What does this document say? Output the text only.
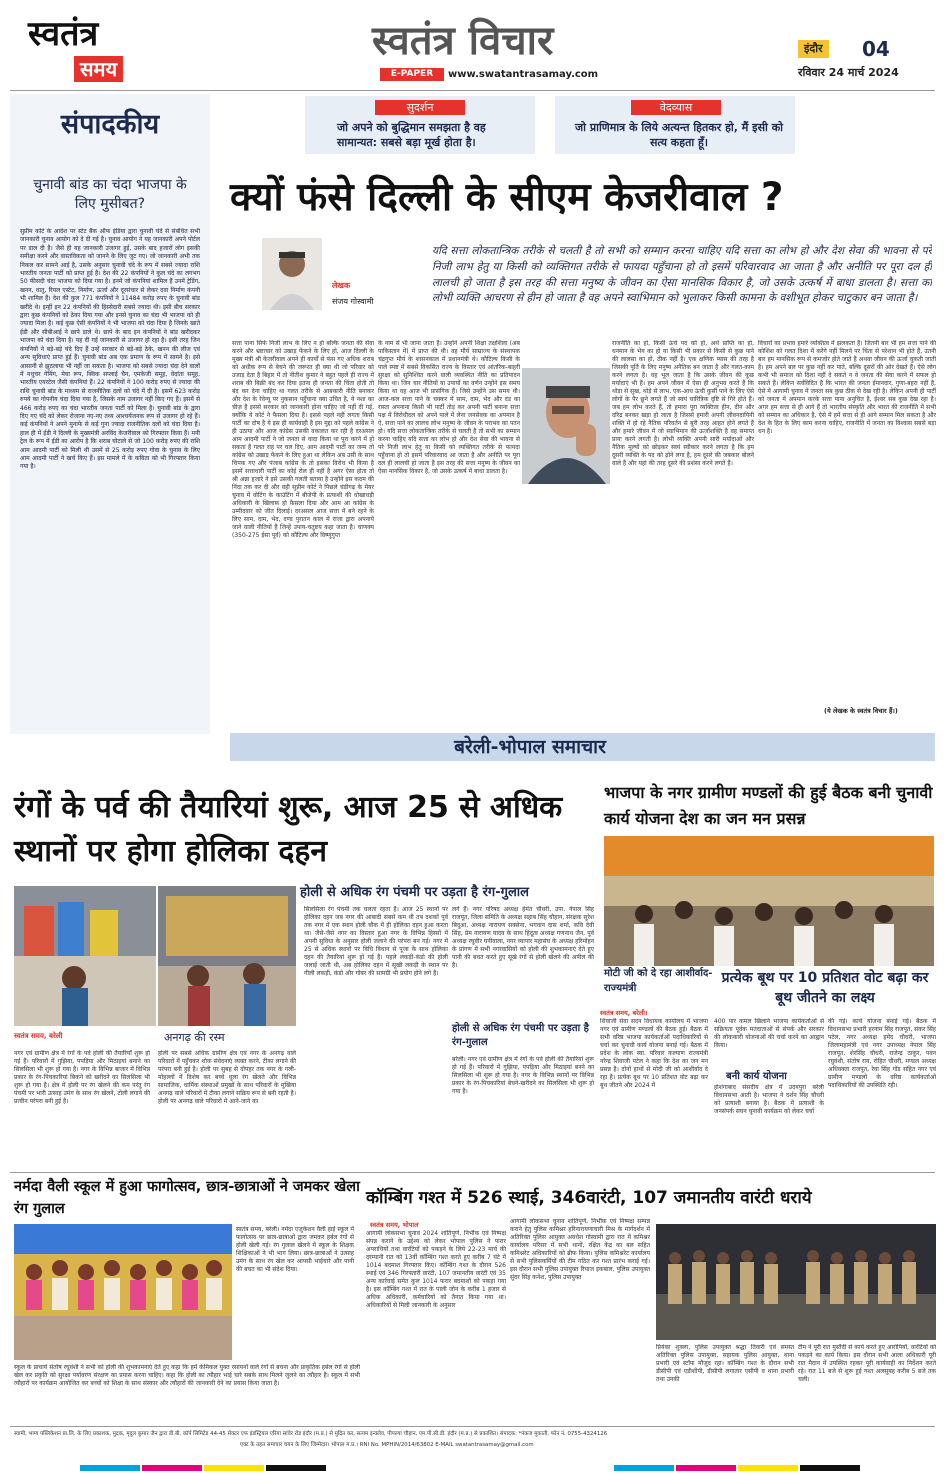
स्वतंत्र
समय
स्वतंत्र विचार
E-PAPER	www.swatantrasamay.com
इंदौर	04
रविवार 24 मार्च 2024
संपादकीय
चुनावी बांड का चंदा भाजपा के लिए मुसीबत?
सुप्रीम कोर्ट के आदेश पर स्टेट बैंक ऑफ इंडिया द्वारा चुनावी चंदे से संबंधित सभी जानकारी चुनाव आयोग को दे दी गई है। चुनाव आयोग ने यह जानकारी अपने पोर्टल पर डाल दी है। जैसे ही यह जानकारी उजागर हुई, उसके बाद हजारों लोग इसकी समीक्षा करने और वास्तविकता को जानने के लिए जुट गए। जो जानकारी अभी तक निकल कर सामने आई है, उसके अनुसार चुनावी चंदे के रूप में सबसे ज्यादा राशि भारतीय जनता पार्टी को प्राप्त हुई है। देश की 22 कंपनियों ने कुल चंदे का लगभग 50 फीसदी चंदा भाजपा को दिया गया है। इनमें जो कंपनियां शामिल हैं उनमें ट्रेडिंग, खनन, धातु, रियल एस्टेट, निर्माण, ऊर्जा और दूरसंचार से लेकर दवा निर्माण कंपनी भी शामिल हैं। देश की कुल 771 कंपनियों ने 11484 करोड़ रुपए के चुनावी बांड खरीदे थे। इन्हीं इन 22 कंपनियों की हिस्सेदारी सबसे ज्यादा थी। इसी बीच सरकार द्वारा कुछ कंपनियों को ठेका दिया गया और इनसे चुनाव का चंदा भी भाजपा को ही ज्यादा मिला है। कई कुछ ऐसी कंपनियों ने भी भाजपा को चंदा दिया है जिनके खाते ईडी और सीबीआई ने छापे डाले थे। छापे के बाद इन कंपनियों ने बांड खरीदकर भाजपा को चंदा दिया है। यह दी गई जानकारी से उजागर हो रहा है। इसी तरह जिन कंपनियों ने बड़े-बड़े चंदे दिए हैं उन्हें सरकार से बड़े-बड़े ठेके, खनन की लीज एवं अन्य सुविधाएं प्राप्त हुई हैं। चुनावी बांड अब एक प्रमाण के रूप में सामने है। इसे आसानी से झुठलाया भी नहीं जा सकता है। भाजपा को सबसे ज्यादा चंदा देने वालों में मधुचर गेमिंग, मेघा रूप, क्विक सप्लाई चैन, एमकेजी समूह, वेदांता समूह, भारतीय एयरटेल जैसी कंपनियां हैं। 22 कंपनियों ने 100 करोड़ रुपए से ज्यादा की राशि चुनावी बांड के माध्यम से राजनीतिक दलों को चंदे में दी है। इसमें 623 करोड़ रुपये का गोपनीय चंदा दिया गया है, जिसके नाम उजागर नहीं किए गए हैं। इसमें से 466 करोड़ रुपए का चंदा भारतीय जनता पार्टी को मिला है। चुनावी बांड के द्वारा दिए गए चंदे को लेकर रोजाना नए-नए तथ्य आश्चर्यजनक रूप से उजागर हो रहे हैं। कई कंपनियों ने अपने मुनाफे से कई गुना ज्यादा राजनीतिक दलों को चंदा दिया है। हाल ही में ईडी ने दिल्ली के मुख्यमंत्री अरविंद केजरीवाल को गिरफ्तार किया है। मनी ट्रेल के रूप में ईडी का आरोप है कि शराब घोटाले से जो 100 करोड़ रुपए की राशि आम आदमी पार्टी को मिली थी उसमें से 25 करोड़ रुपए गोवा के चुनाव के लिए आम आदमी पार्टी ने खर्च किए हैं। इस मामले में के कविता को भी गिरफ्तार किया गया है।
सुदर्शन
जो अपने को बुद्धिमान समझता है वह सामान्यत: सबसे बड़ा मूर्ख होता है।
वेदव्यास
जो प्राणिमात्र के लिये अत्यन्त हितकर हो, मैं इसी को सत्य कहता हूँ।
क्यों फंसे दिल्ली के सीएम केजरीवाल ?
लेखक
संजय गोस्वामी
यदि सत्ता लोकतान्त्रिक तरीके से चलती है तो सभी को सम्मान करना चाहिए यदि सत्ता का लोभ हो और देश सेवा की भावना से परे निजी लाभ हेतु या किसी को व्यक्तिगत तरीके से फायदा पहुँचाना हो तो इसमें परिवारवाद आ जाता है और अनीति पर पूरा दल ही लालची हो जाता है इस तरह की सत्ता मनुष्य के जीवन का ऐसा मानसिक विकार है, जो उसके उत्कर्ष में बाधा डालता है। सत्ता का लोभी व्यक्ति आचरण से हीन हो जाता है वह अपने स्वाभिमान को भुलाकर किसी कामना के वशीभूत होकर चाटुकार बन जाता है।
सत्ता पाना सिर्फ निजी लाभ के लिए न हो बल्कि जनता की सेवा करने और भ्रष्टाचार को उखाड़ फेंकने के लिए हो, आज दिल्ली के मुख्य मंत्री श्री केजरीवाल अपने ही कार्यों से फंस गए अधिक शराब को अधीक रूप से बेचने की जरूरत ही क्या थी जो परिवार को उजाड़ देता है बिहार में तो नीतीश कुमार ने बहुत पहले ही राज्य में शराब की बिक्री बंद कर दिया इतना ही जनता की चिंता होती तो बंद कर देना चाहिए था गलत तरीके से आबकारी नीति बनाकर और देश के रेवेन्यू पर नुकसान पहुँचाना क्या उचित है, ये नशा का चीज़ है इससे सरकार को जानकारी होना चाहिए जो नहीं दी गई, क्योंकि ये कोर्ट ने फैसला दिया है। इससे पहले नहीं लगता किसी पार्टी का दोष है ये इस ही कार्यवाही है इस मुद्दा को पहले कांग्रेस ने ही उठाया और आज कांग्रेस उसकी वकालत कर रही है दरअसल आम आदमी पार्टी ने जो जनता से वादा किया था पूरा करने में हो सकता है गलत राह पर चल दिए, आम आदमी पार्टी का जन्म तो कांग्रेस को उखाड़ फेंकने के लिए हुआ था लेकिन अब उसी के साथ चिपक गए और पंजाब कांग्रेस के तो इसका विरोध भी किया है इसमें सत्ताधारी पार्टी का कोई रोल ही नहीं है अगर ऐसा होता तो श्री अन्ना हजारे ने इसे उसकी गलती बताया है उन्होंने इस कदम की निंदा तक कर दी और वही सुप्रीम कोर्ट ने पिछले चंडीगढ़ के मेयर चुनाव में वोटिंग के काउंटिंग में बीजेपी के प्रत्याशी की धोखाधड़ी अधिकारी के खिलाफ़ हो फ़ैसला दिया और आम आ कांग्रेस के उम्मीदवार को जीत दिलाई। दरअसल आज सत्ता में बने रहने के लिए साम, दाम, भेद, दण्ड पुरातन काल में राजा द्वारा अपनाये जाने वाली नीतियों हैं जिन्हें उपाय-चतुष्टय कहा जाता है। चाणक्य (350-275 ईसा पूर्व) को कौटिल्य और विष्णुगुप्त
के नाम से भी जाना जाता है। उन्होंने अपनी शिक्षा तक्षशिला (अब पाकिस्तान में) में प्राप्त की थी। वह मौर्य साम्राज्य के संस्थापक चंद्रगुप्त मौर्य के शासनकाल में प्रधानमंत्री थे। कौटिल्य किसी के पाले स्पष्ट में सबसे विकसित राज्य के विस्तार एवं आंतरिक-बाहरी सुरक्षा को सुनिश्चित करने वाली व्यवस्थित नीति का प्रतिपादन किया था। जिन चार नीतियों या उपायों का वर्णन उन्होंने इस समय किया था वह आज भी प्रासंगिक हैं। जिसे उन्होंने उस समय थी। आज-कल सत्ता पाने के चक्कर में साम, दाम, भेद और दंड का रास्ता अपनाना किसी भी पार्टी तोड़ कर अपनी पार्टी बनाना सत्ता पक्ष में विरोधीदल को अपने पाले में लेना जनसेवक का अपमान है ऐ, सत्ता पाने का लालच लोभ मनुष्य के जीवन के पराभव का पतन हो। यदि सत्ता लोकतान्त्रिक तरीके से चलती है तो सभी का सम्मान करना चाहिए यदि सत्ता का लोभ हो और देश सेवा की भावना से परे निजी लाभ हेतु या किसी को व्यक्तिगत तरीके से फायदा पहुँचाना हो तो इसमें परिवारवाद आ जाता है और अनीति पर पूरा दल ही लालची हो जाता है इस तरह की सत्ता मनुष्य के जीवन का ऐसा मानसिक विकार है, जो उसके उत्कर्ष में बाधा डालता है।
राजनीति का हो, किसी ऊंचे पद को हो, अर्थ प्राप्ति का हो, धनमान के भेय का हो या किसी भी प्रकार से किसी से कुछ पाने की लालसा का हो, ठीक नहीं है। एक क्षणिक प्यास की तरह है जिसकी पूर्ति के लिए मनुष्य अनैतिक बन जाता है और गलत-काम करने लगता है। वह भूल जाता है कि उसके जीवन की कुछ मर्यादाएं भी हैं। हम अपने जीवन में ऐसा ही अनुभव करते हैं कि थोड़ा से सुख, थोड़े से लाभ, एक-आध ऊंची कुर्सी पाने के लिए ऐसे लोगों के पैर छूने लगते हैं जो स्वयं चारित्रिक दृष्टि से गिरे होते हैं। जब हम लोभ करते हैं, तो हमारा पूरा व्यक्तित्व हीन, दीन और दरिद्र बनकर खड़ा हो जाता है जिससे हमारी अपनी जीवनदायिनी शक्ति में हो रहे नैतिक परिवर्तन से बुरी तरह आहत होने लगते हैं और हमारे जीवन में जो स्वाभिमान की ऊर्जाशक्ति है वह समाप्त प्रायः करने लगती है। लोभी व्यक्ति अपनी सारी मर्यादाओं और नैतिक मूल्यों को छोड़कर स्वयं स्वीकार करने लगता है कि हम दूसरी व्यक्ति के पद को ढ़ोने लगा है, हम दूसरे की जबकार बोलने वाले हैं और यहां की तरह दूसरे की प्रशंसा करने लगते हैं।
विचारों का प्रभाव हमारे व्यक्तित्व में झलकता है। जितनी बार भी हम सत्ता पाने की कोशिश को गलत दिशा में करेंगे नहीं मिलने पर चिंता से परेशान भी होते हैं, उतनी बार हम मानसिक रूप से कमजोर होते जाते हैं अथवा जीवन की ऊर्जा चुकती जाती है। हम अपने बल पर कुछ नहीं कर पाते, बल्कि दूसरों की ओर देखते हैं। ऐसे लोग कभी भी समाज को दिशा नहीं दे सकते न वे जनता की सेवा करने में सफल हो सकते हैं। लेकिन सर्वविदित है कि भारत की जनता ईमानदार, गुणा-बहरा नहीं है, ऐसे में आगामी चुनाव में जनता सब कुछ ठीक से देख रही है। लेकिन अपनी ही पार्टी को जनता में अपमान करके सत्ता पाना अनुचित है, ईश्वर सब कुछ देख रहा है। अगर हम सत्ता से ही आगे हैं तो भारतीय संस्कृति और भारत की राजनीति में सभी को सम्मान का अधिकार है, ऐसे में हमें सत्ता से ही आगे सम्मान मिल सकता है और देश के हित के लिए काम करना चाहिए, राजनीति में जनता का विश्वास सबसे बड़ा धन है।
(ये लेखक के स्वतंत्र विचार हैं।)
बरेली-भोपाल समाचार
रंगों के पर्व की तैयारियां शुरू, आज 25 से अधिक स्थानों पर होगा होलिका दहन
होली से अधिक रंग पंचमी पर उड़ता है रंग-गुलाल
स्वतंत्र समय, बरेली	अनगढ़ की रस्म
नगर एवं ग्रामीण क्षेत्र में रंगों के पर्व होली की तैयारियाँ शुरू हो गई हैं। परिवारों में गुझिया, पपड़िया और मिठाइयां बनाने का सिलसिला भी शुरू हो गया है। नगर के विभिन्न बाजार में विभिन्न प्रकार के रंग-पिचकारियां बिकने को खरीदने का सिलसिला भी शुरू हो गया है। क्षेत्र में होली पर रंग खेलने की कम परंतु रंग पंचमी पर भारी उत्साह उमंग के साथ रंग खेलने, टोली लगाने की प्राचीन परंपरा बनी हुई है।
होली पर सबसे अधिक ग्रामीण क्षेत्र एवं नगर के अनगढ़ वाले परिवारों में पहुँचकर शोक संवेदनाएं व्यक्त करने, टीका लगाने की परंपरा बनी हुई है। होली पर सुबह से दोपहर तक नगर के गली-मोहल्लों में विशेष कर बच्चे धुला रंग खेलते और विभिन्न सामाजिक, धार्मिक संस्थाओं प्रमुखों के साथ परिवारों के मुखिया अनगढ़ वाले परिवारों में टीका लगाने सक्रिय रूप से बनी रहती है। होली पर अनगढ़ वाले परिवारों में आने-जाने का
सिलसिला रंग पंचमी तक चलता रहता है। आज 25 स्थानों पर होलिका दहन जब नगर की आबादी सबसे कम थी तब दशकों पूर्व तक नगर में एक स्थान होली चौक में ही होलिका दहन हुआ करता था। जैसे-जैसे नगर का विस्तार हुआ नगर के विभिन्न हिस्सों में अपनी सुविधा के अनुसार होली जलाने की परंपरा बन गई। नगर में 25 से अधिक स्थानों पर विधि विधान से पूजा के साथ होलिका दहन की तैयारियां शुरू हो गई हैं। पहले लकड़ी-कंडो की होली जलाई जाती थी, अब होलिका दहन में सूखी लकड़ी के स्थान पर गीली लकड़ी, कंडो और गोबर की सामग्री भी प्रयोग होने लगे हैं।
लगे हैं। नगर परिषद अध्यक्ष हेमंत चौधरी, उपा. नेपाल सिंह राजपूत, जिला समिति के अध्यक्ष सहाब सिंह चौहान, संरक्षक सुरेश बिदुआ, अध्यक्ष नारायण सक्सेना, भगवान दास शर्मा, कवि देवी सिंह, प्रेम नारायण यादव के साथ हिंदूत्व अध्यक्ष गणनाथ जैन, पूर्व अध्यक्ष रघुवीर घनीवाला, नगर व्यापार महासंघ के अध्यक्ष हरिमोहन के प्रांगण में सभी नगरवासियों को होली की शुभकामनाएं देते हुए पानी की बचत करते हुए सूखे रंगों से होली खेलने की अपील की है।
होली से अधिक रंग पंचमी पर उड़ता है रंग-गुलाल
बरेली। नगर एवं ग्रामीण क्षेत्र में रंगों के पर्व होली की तैयारियां शुरू हो गई हैं। परिवारों में गुझिया, पपड़िया और मिठाइयां बनने का सिलसिला भी शुरू हो गया है। नगर के विभिन्न स्थानों पर विभिन्न प्रकार के रंग-पिचकारियां बेचने-खरीदने का सिलसिला भी शुरू हो गया है।
भाजपा के नगर ग्रामीण मण्डलों की हुई बैठक बनी चुनावी कार्य योजना देश का जन मन प्रसन्न
मोटी जी को दे रहा आशीर्वाद-राज्यमंत्री
प्रत्येक बूथ पर 10 प्रतिशत वोट बढ़ा कर बूथ जीतने का लक्ष्य
स्वतंत्र समय, बरेली।
शिवाजी सेवा सदन विधायक कार्यालय में भाजपा नगर एवं ग्रामीण मण्डलों की बैठक हुई। बैठक में सभी वरिष्ठ भाजपा कार्यकर्ताओं पदाधिकारियों से चर्चा कर चुनावी कार्य योजना बनाई गई। बैठक में प्रदेश के लोक स्वा. परिवार कल्याण राज्यमंत्री नरेन्द्र शिवाजी पटेल ने कहा कि देश का जन मन प्रसन्न है। दोनों हाथों से मोदी जी को आशीर्वाद दे रहा है। प्रत्येक बूथ पर 10 प्रतिशत वोट बढ़ा कर बूथ जीतने और 2024 में
400 पार कमल खिलाने भाजपा कार्यकर्ताओं से सक्रियता पूर्वक मतदाताओं से संपर्क और सरकार की लोककारी योजनाओं की चर्चा करने का आह्वान किया।
बनी कार्य योजना
होशंगाबाद संसदीय क्षेत्र में उदयपुरा बरेली विधानसभा आती है। भाजपा ने दर्शन सिंह चौधरी को प्रत्याशी बनाया है। बैठक में प्रत्याशी के जनसंपर्क सघन चुनावी कार्यक्रम को लेकर चर्चा
की गई। कार्य योजना बनाई गई। बैठक में विधानसभा प्रभारी हरनाम सिंह राजपूत, संकर सिंह पटेल, नगर अध्यक्ष हमेंद चौधरी, भाजपा जिलामहामंत्री एवं नगर उपाध्यक्ष नेपाल सिंह राजपूत, शेरसिंह चौधरी, राजेन्द्र ठाकुर, पवन रघुवंशी, संतोष राय, रोहित चौधरी, मण्डल अध्यक्ष अधिवक्ता राजपूत, रेवा सिंह गोंड सहित नगर एवं ग्रामीण मण्डलों के वरिष्ठ कार्यकर्ताओं पदाधिकारियों की उपस्थिति रही।
नर्मदा वैली स्कूल में हुआ फागोत्सव, छात्र-छात्राओं ने जमकर खेला रंग गुलाल
स्वतंत्र समय, बरेली। नर्मदा एजुकेशन वैली हाई स्कूल में फागोत्सव पर छात्र-छात्राओं द्वारा जमकर हर्बल रंगों से होली खेली गई। रंग गुलाल खेलने में स्कूल के शिक्षक शिक्षिकाओं ने भी भाग लिया। छात्र-छात्राओं ने उत्साह उमंग के साथ रंग खेल कर आपसी भाईचारे और पानी की बचत का भी संदेश दिया।
स्कूल के प्राचार्य संतोष रघुवंशी ने सभी को होली की शुभकामनाएं देते हुए कहा कि हमें केमिकल युक्त रसायनों वाले रंगों से बचना और प्राकृतिक हर्बल रंगों से होली खेल कर प्रकृति को सुरक्षा पर्यावरण संरक्षण का प्रयास करना चाहिए। कहा कि होली का त्यौहार भाई चारे सबके साथ मिलने जुलने का त्यौहार है। स्कूल में सभी त्यौहारों पर कार्यक्रम आयोजित कर बच्चों को शिक्षा के साथ संस्कार और त्यौहारों की जानकारी देने का प्रयास किया जाता है।
कॉम्बिंग गश्त में 526 स्थाई, 346वारंटी, 107 जमानतीय वारंटी धराये
स्वतंत्र समय, भोपाल
आगामी लोकसभा चुनाव 2024 शांतिपूर्ण, निर्भीक एवं निष्पक्ष संपन्न कराने के उद्देश्य को लेकर भोपाल पुलिस ने फरार अपराधियों तथा वारंटियों को पकड़ने के लिये 22-23 मार्च की दरम्यानी रात को 13वीं कॉम्बिंग गश्त करते हुए करीब 7 घंटे में 1014 बदमाश गिरफ्तार किए। कॉम्बिंग गश्त के दौरान 526 स्थाई एवं 346 गिरफ्तारी वारंटी, 107 जमानतीय वारंटी एवं 35 अन्य कार्रवाई समेत कुल 1014 फरार बदमाशों को पकड़ा गया है। इस कॉम्बिंग गश्त में रात के पाली जोन के करीब 1 हजार से अधिक अधिकारी, कर्मचारियों को तैनात किया गया था। अधिकारियों से मिली जानकारी के अनुसार
आगामी लोकसभा चुनाव शांतिपूर्ण, निर्भीक एवं निष्पक्ष सम्पन्न कराने हेतु पुलिस कमिश्नर हरिनारायणाचारी मिश्र के मार्गदर्शन में अतिरिक्त पुलिस आयुक्त अवधेश गोस्वामी द्वारा रात में कमिश्नर कार्यालय परिसर में सभी थानों, रक्षित केंद्र का बल सहित कमिश्नरेट अधिकारियों को ब्रीफ किया। पुलिस कमिश्नरेट कार्यालय से सभी पुलिसकर्मियों की टीम गठित कर गश्त प्रारंभ कराई गई। इस दौरान सभी पुलिस उपायुक्त रियाज इकबाल, पुलिस उपायुक्त सुंदर सिंह कनेश, पुलिस उपायुक्त
प्रियंका शुक्ला, पुलिस उपायुक्त श्रद्धा तिवारी एवं समस्त अतिरिक्त पुलिस उपायुक्त, सहायक पुलिस आयुक्त, थाना प्रभारी एवं स्टॉफ मौजूद रहा। कॉम्बिंग गश्त के दौरान सभी डीसीपी एवं एडीशीपी, डीसीपी लगातार एसीपी व थाना प्रभारी तथा उनकी
टीम ने पूरी रात मुस्तैदी से कार्य करते हुए आरोपियों, वारंटियों को पकड़ने का कार्य किया। इस दौरान सभी आला अधिकारी पूरी रात मैदान में उपस्थित रहकर पूरी कार्यवाही का निर्देशन करते रहे। रात 11 बजे से शुरू हुई गश्त अलसुबह करीब 5 बजे तक चली।
स्वामी, भाग्य पब्लिकेशन प्रा.लि. के लिए प्रकाशक, मुद्रक, मृदुल कुमार जैन द्वारा डी.बी. कॉर्प लिमिटेड 44-45 सेक्टर एफ इंडस्ट्रियल एरिया सांवेर रोड इंदौर (म.प्र.) से मुद्रित कर, सत्यम इन्क्लेव, पीपल्या चौहान, एम.पी.सी.डी. इंदौर (म.प्र.) से प्रकाशित। संपादक: *पंकज मुकाती, फोन नं. 0755-4324126
एक्ट के तहत समाचार चयन के लिए जिम्मेदार। भोपाल म.प्र.। RNI No. MPHIN/2014/63802 E-MAIL swatantrasamay@gmail.com
